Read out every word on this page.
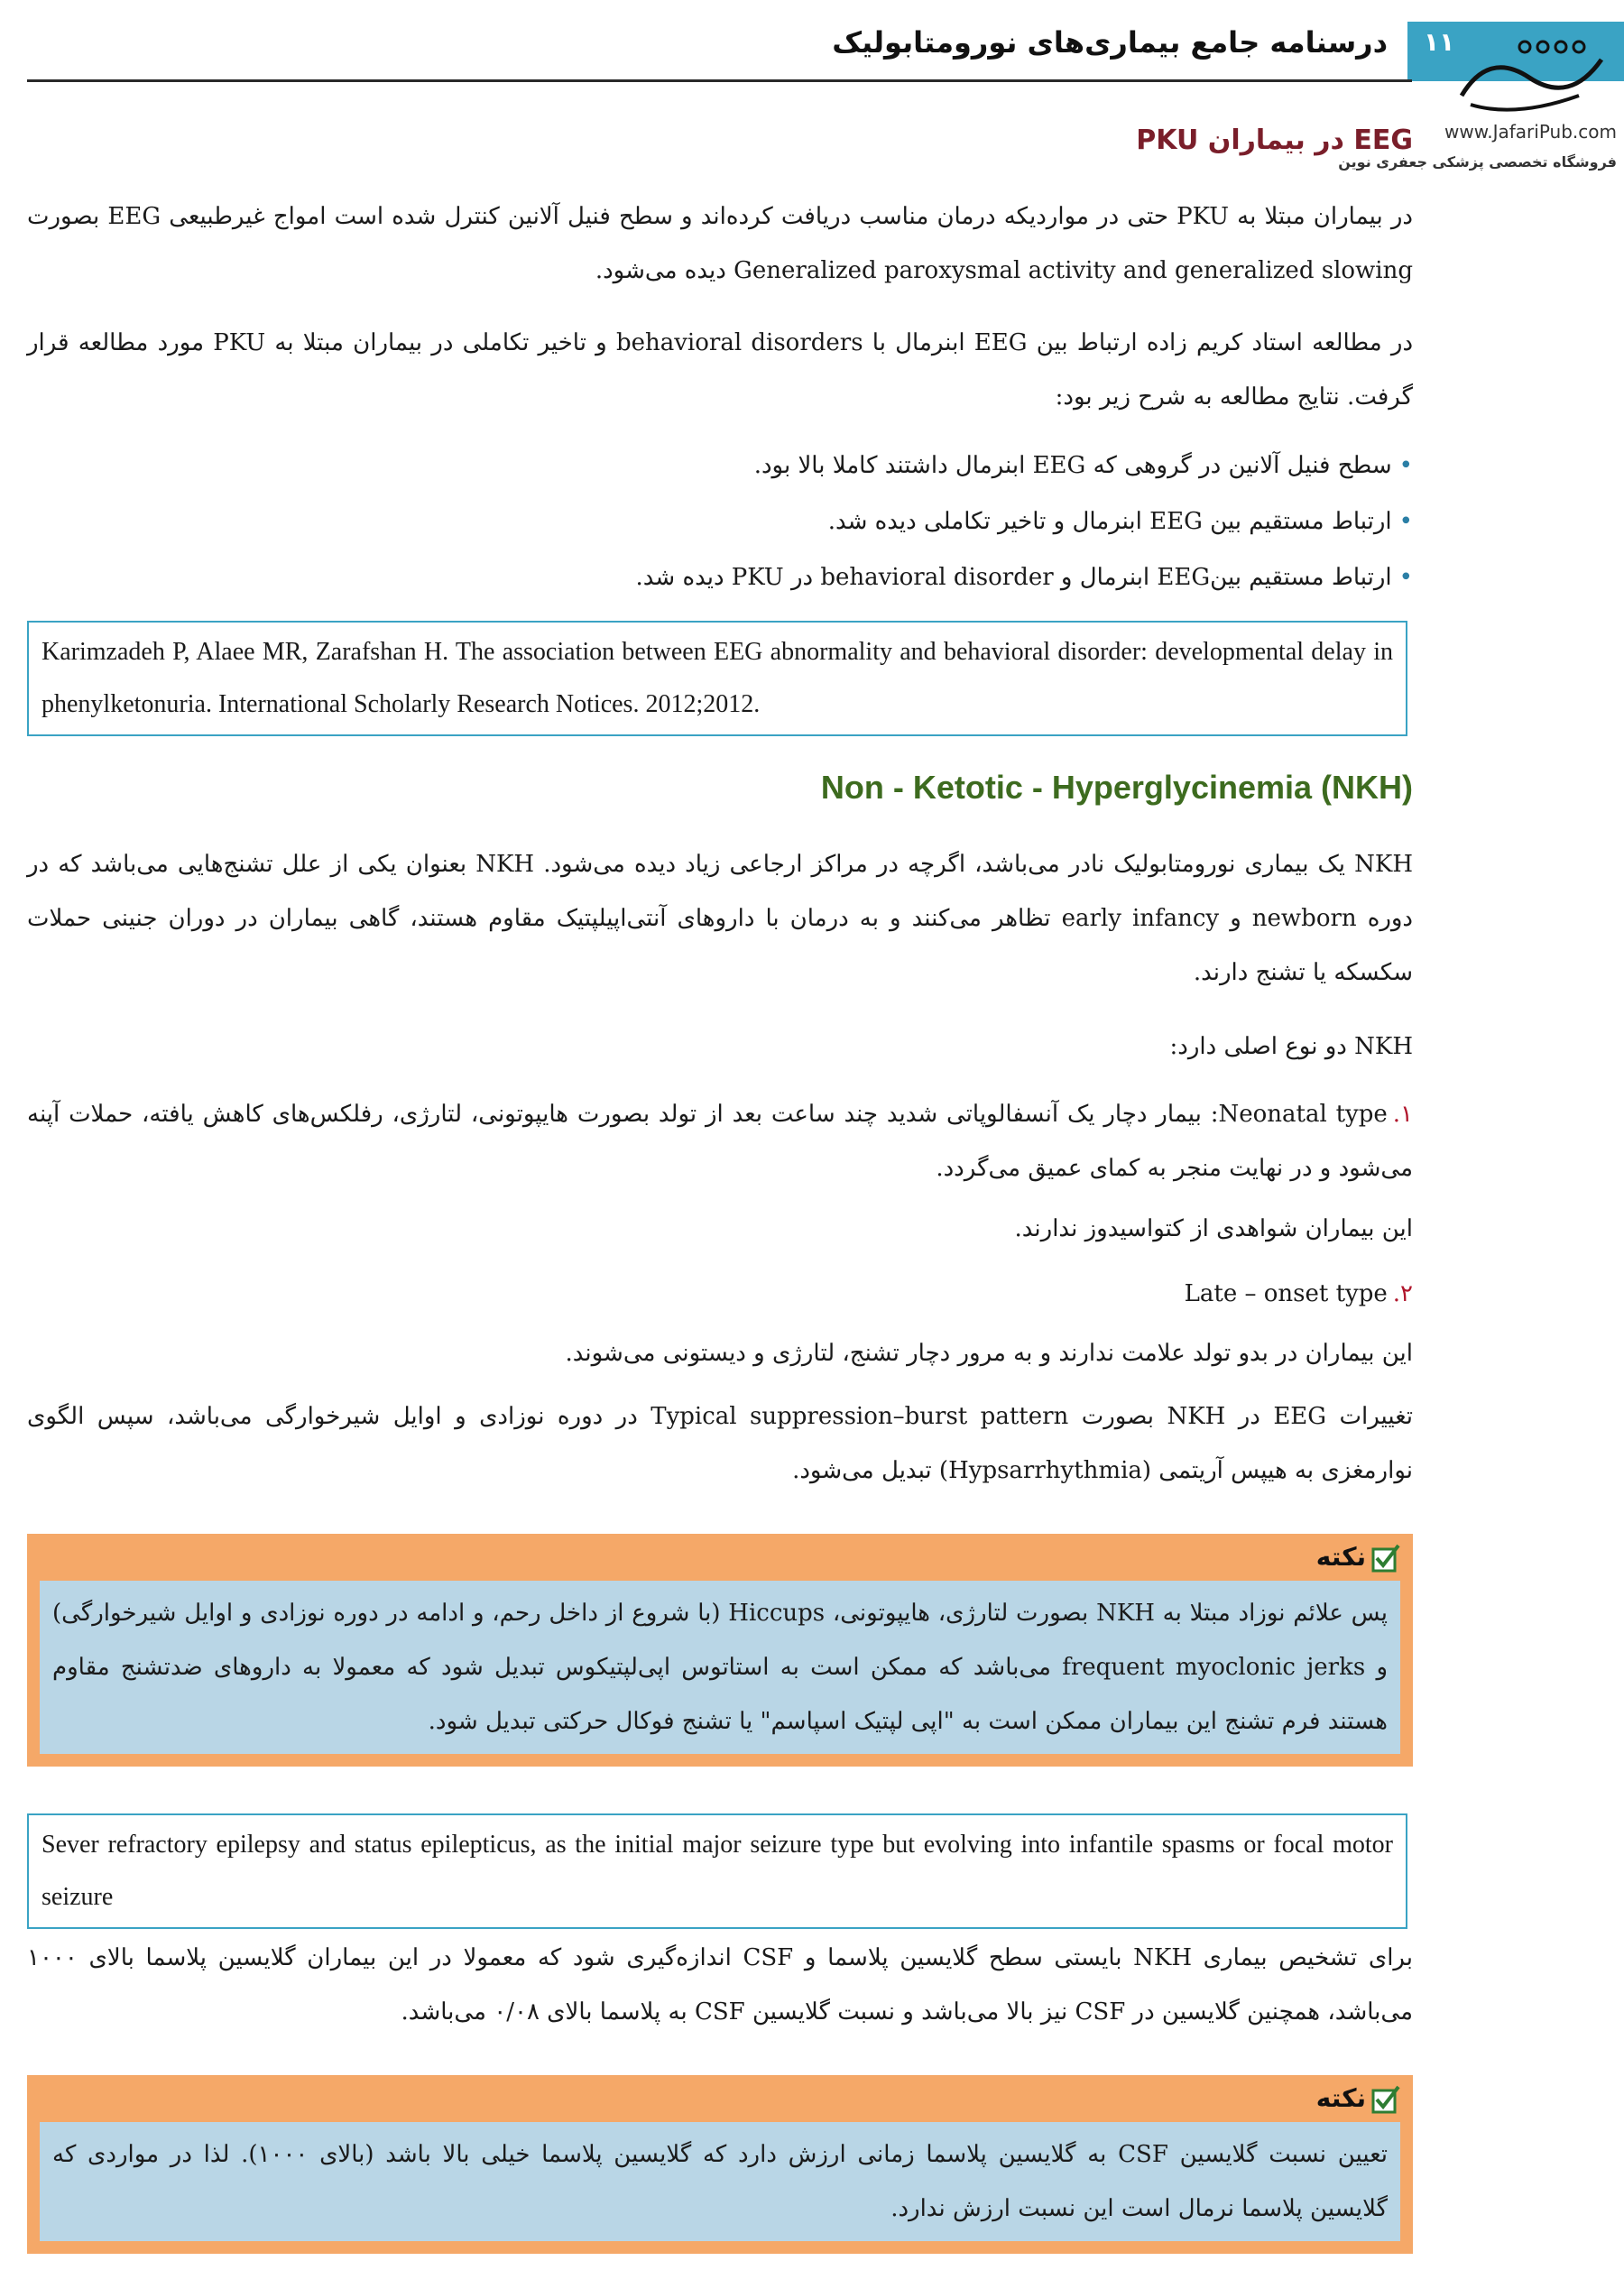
درسنامه جامع بیماری‌های نورومتابولیک ۱۱
www.JafariPub.com
فروشگاه تخصصی پزشکی جعفری نوین
EEG در بیماران PKU

در بیماران مبتلا به PKU حتی در مواردیکه درمان مناسب دریافت کرده‌اند و سطح فنیل آلانین کنترل شده است امواج غیرطبیعی EEG بصورت Generalized paroxysmal activity and generalized slowing دیده می‌شود.

در مطالعه استاد کریم زاده ارتباط بین EEG ابنرمال با behavioral disorders و تاخیر تکاملی در بیماران مبتلا به PKU مورد مطالعه قرار گرفت. نتایج مطالعه به شرح زیر بود:

•سطح فنیل آلانین در گروهی که EEG ابنرمال داشتند کاملا بالا بود.
•ارتباط مستقیم بین EEG ابنرمال و تاخیر تکاملی دیده شد.
•ارتباط مستقیم بینEEG ابنرمال و behavioral disorder در PKU دیده شد.
Non - Ketotic - Hyperglycinemia (NKH)

NKH یک بیماری نورومتابولیک نادر می‌باشد، اگرچه در مراکز ارجاعی زیاد دیده می‌شود. NKH بعنوان یکی از علل تشنج‌هایی می‌باشد که در دوره newborn و early infancy تظاهر می‌کنند و به درمان با داروهای آنتی‌اپیلپتیک مقاوم هستند، گاهی بیماران در دوران جنینی حملات سکسکه یا تشنج دارند.

NKH دو نوع اصلی دارد:

۱.Neonatal type: بیمار دچار یک آنسفالوپاتی شدید چند ساعت بعد از تولد بصورت هایپوتونی، لتارژی، رفلکس‌های کاهش یافته، حملات آپنه می‌شود و در نهایت منجر به کمای عمیق می‌گردد.

این بیماران شواهدی از کتواسیدوز ندارند.

۲.Late – onset type

این بیماران در بدو تولد علامت ندارند و به مرور دچار تشنج، لتارژی و دیستونی می‌شوند.

تغییرات EEG در NKH بصورت Typical suppression–burst pattern در دوره نوزادی و اوایل شیرخوارگی می‌باشد، سپس الگوی نوارمغزی به هیپس آریتمی (Hypsarrhythmia) تبدیل می‌شود.

برای تشخیص بیماری NKH بایستی سطح گلایسین پلاسما و CSF اندازه‌گیری شود که معمولا در این بیماران گلایسین پلاسما بالای ۱۰۰۰ می‌باشد، همچنین گلایسین در CSF نیز بالا می‌باشد و نسبت گلایسین CSF به پلاسما بالای ۰/۰۸ می‌باشد.

Karimzadeh P, Alaee MR, Zarafshan H. The association between EEG abnormality and behavioral disorder: developmental delay in phenylketonuria. International Scholarly Research Notices. 2012;2012.
نکته
پس علائم نوزاد مبتلا به NKH بصورت لتارژی، هایپوتونی، Hiccups (با شروع از داخل رحم، و ادامه در دوره نوزادی و اوایل شیرخوارگی) و frequent myoclonic jerks می‌باشد که ممکن است به استاتوس اپی‌لپتیکوس تبدیل شود که معمولا به داروهای ضدتشنج مقاوم هستند فرم تشنج این بیماران ممکن است به "اپی لپتیک اسپاسم" یا تشنج فوکال حرکتی تبدیل شود.
Sever refractory epilepsy and status epilepticus, as the initial major seizure type but evolving into infantile spasms or focal motor seizure
نکته
تعیین نسبت گلایسین CSF به گلایسین پلاسما زمانی ارزش دارد که گلایسین پلاسما خیلی بالا باشد (بالای ۱۰۰۰). لذا در مواردی که گلایسین پلاسما نرمال است این نسبت ارزش ندارد.
